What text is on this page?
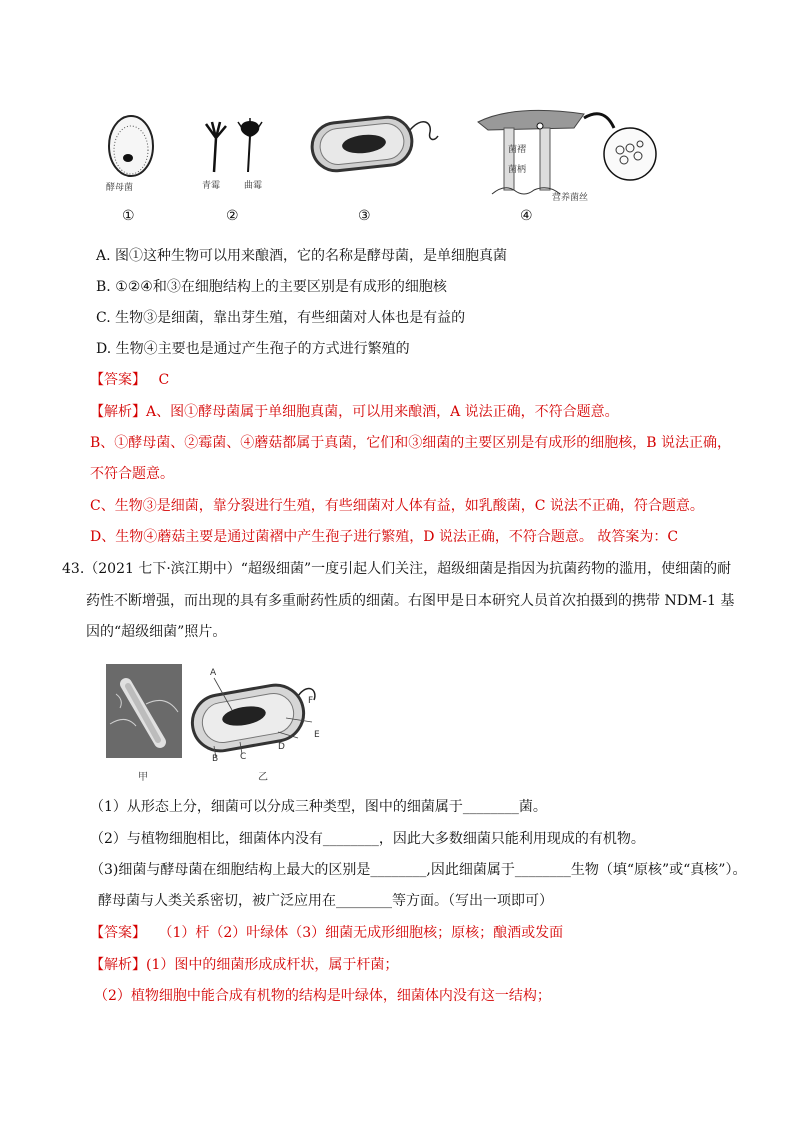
酵母菌	青霉	曲霉
菌褶
菌柄
营养菌丝
①	②	③	④
A. 图①这种生物可以用来酿酒，它的名称是酵母菌，是单细胞真菌
B. ①②④和③在细胞结构上的主要区别是有成形的细胞核
C. 生物③是细菌，靠出芽生殖，有些细菌对人体也是有益的
D. 生物④主要也是通过产生孢子的方式进行繁殖的
【答案】 C
【解析】A、图①酵母菌属于单细胞真菌，可以用来酿酒，A 说法正确，不符合题意。
B、①酵母菌、②霉菌、④蘑菇都属于真菌，它们和③细菌的主要区别是有成形的细胞核，B 说法正确，
不符合题意。
C、生物③是细菌，靠分裂进行生殖，有些细菌对人体有益，如乳酸菌，C 说法不正确，符合题意。
D、生物④蘑菇主要是通过菌褶中产生孢子进行繁殖，D 说法正确，不符合题意。 故答案为：C
43.（2021 七下·滨江期中）“超级细菌”一度引起人们关注，超级细菌是指因为抗菌药物的滥用，使细菌的耐
药性不断增强，而出现的具有多重耐药性质的细菌。右图甲是日本研究人员首次拍摄到的携带 NDM-1 基
因的“超级细菌”照片。
甲
A
B C
D
E
F
乙
（1）从形态上分，细菌可以分成三种类型，图中的细菌属于________菌。
（2）与植物细胞相比，细菌体内没有________，因此大多数细菌只能利用现成的有机物。
（3)细菌与酵母菌在细胞结构上最大的区别是________,因此细菌属于________生物（填“原核”或“真核”）。
酵母菌与人类关系密切，被广泛应用在________等方面。（写出一项即可）
【答案】 （1）杆（2）叶绿体（3）细菌无成形细胞核；原核；酿酒或发面
【解析】(1）图中的细菌形成成杆状，属于杆菌；
（2）植物细胞中能合成有机物的结构是叶绿体，细菌体内没有这一结构；
